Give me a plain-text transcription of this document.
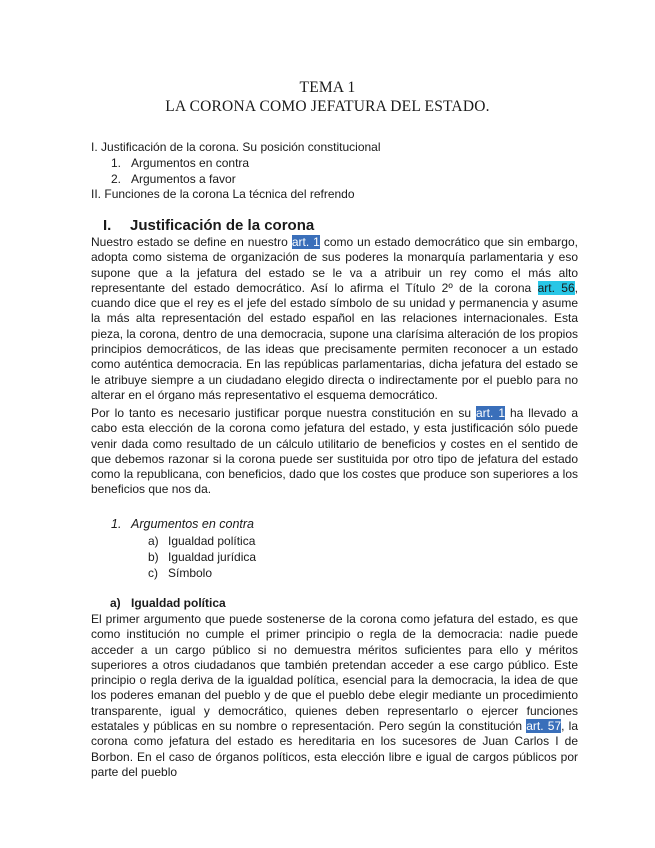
TEMA 1
LA CORONA COMO JEFATURA DEL ESTADO.
I. Justificación de la corona. Su posición constitucional
1. Argumentos en contra
2. Argumentos a favor
II. Funciones de la corona La técnica del refrendo
I. Justificación de la corona

Nuestro estado se define en nuestro art. 1 como un estado democrático que sin embargo, adopta como sistema de organización de sus poderes la monarquía parlamentaria y eso supone que a la jefatura del estado se le va a atribuir un rey como el más alto representante del estado democrático. Así lo afirma el Título 2º de la corona art. 56, cuando dice que el rey es el jefe del estado símbolo de su unidad y permanencia y asume la más alta representación del estado español en las relaciones internacionales. Esta pieza, la corona, dentro de una democracia, supone una clarísima alteración de los propios principios democráticos, de las ideas que precisamente permiten reconocer a un estado como auténtica democracia. En las repúblicas parlamentarias, dicha jefatura del estado se le atribuye siempre a un ciudadano elegido directa o indirectamente por el pueblo para no alterar en el órgano más representativo el esquema democrático.

Por lo tanto es necesario justificar porque nuestra constitución en su art. 1 ha llevado a cabo esta elección de la corona como jefatura del estado, y esta justificación sólo puede venir dada como resultado de un cálculo utilitario de beneficios y costes en el sentido de que debemos razonar si la corona puede ser sustituida por otro tipo de jefatura del estado como la republicana, con beneficios, dado que los costes que produce son superiores a los beneficios que nos da.

1. Argumentos en contra
a) Igualdad política
b) Igualdad jurídica
c) Símbolo
a) Igualdad política

El primer argumento que puede sostenerse de la corona como jefatura del estado, es que como institución no cumple el primer principio o regla de la democracia: nadie puede acceder a un cargo público si no demuestra méritos suficientes para ello y méritos superiores a otros ciudadanos que también pretendan acceder a ese cargo público. Este principio o regla deriva de la igualdad política, esencial para la democracia, la idea de que los poderes emanan del pueblo y de que el pueblo debe elegir mediante un procedimiento transparente, igual y democrático, quienes deben representarlo o ejercer funciones estatales y públicas en su nombre o representación. Pero según la constitución art. 57, la corona como jefatura del estado es hereditaria en los sucesores de Juan Carlos I de Borbon. En el caso de órganos políticos, esta elección libre e igual de cargos públicos por parte del pueblo
